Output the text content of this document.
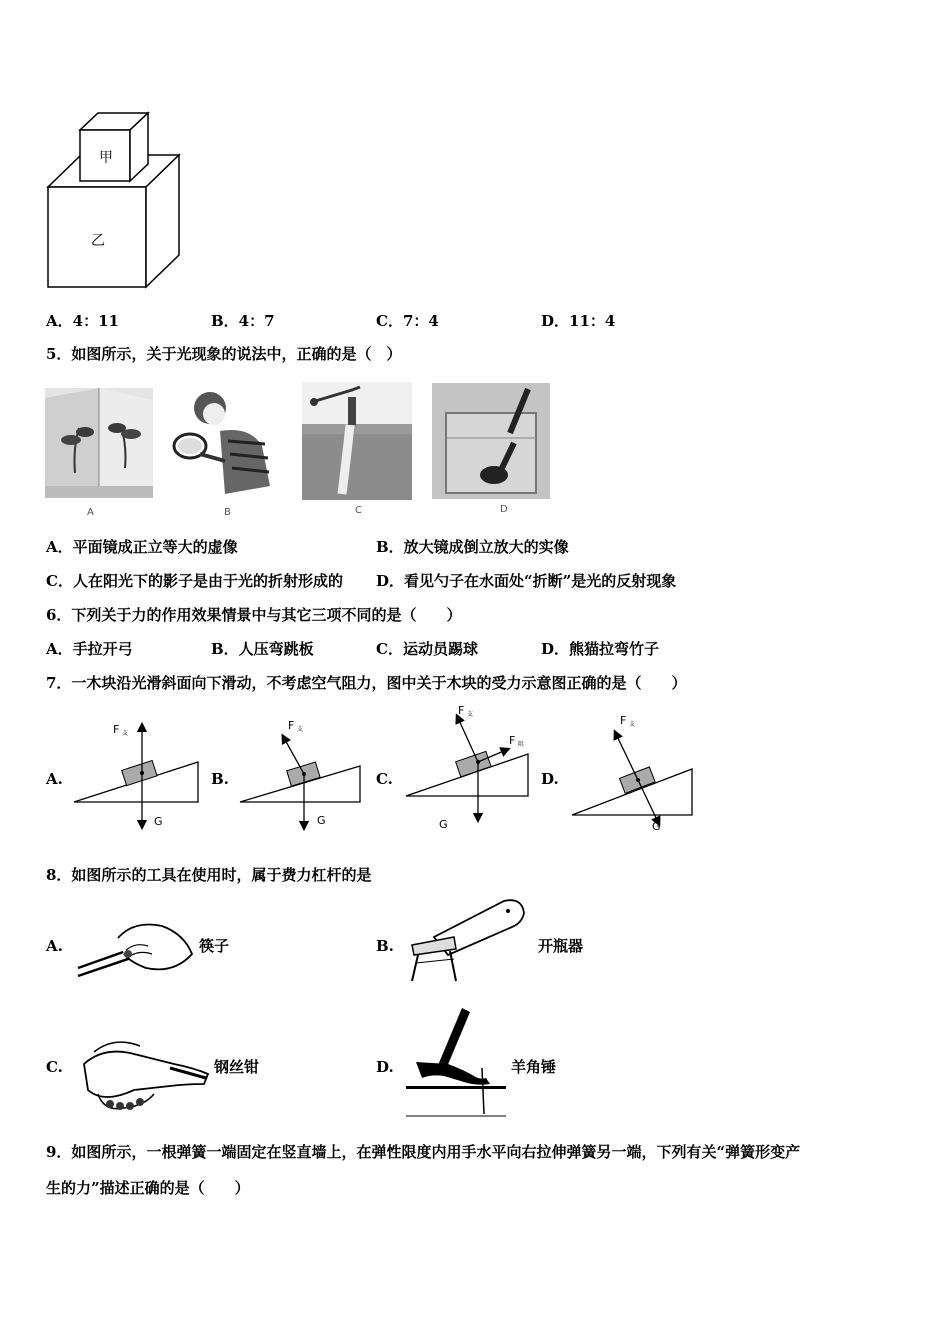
甲
乙
A．4：11	B．4：7	C．7：4	D．11：4
5．如图所示，关于光现象的说法中，正确的是（　）
A	B	C	D
A．平面镜成正立等大的虚像	B．放大镜成倒立放大的实像
C．人在阳光下的影子是由于光的折射形成的 D．看见勺子在水面处“折断”是光的反射现象
6．下列关于力的作用效果情景中与其它三项不同的是（　　）
A．手拉开弓	B．人压弯跳板	C．运动员踢球	D．熊猫拉弯竹子
7．一木块沿光滑斜面向下滑动，不考虑空气阻力，图中关于木块的受力示意图正确的是（　　）
A.
F 支
G
B.
F 支
G
C.
F 支
F 阻
G
D.
F 支
G
8．如图所示的工具在使用时，属于费力杠杆的是
A.	筷子	B.	开瓶器
C.	钢丝钳	D.	羊角锤
9．如图所示，一根弹簧一端固定在竖直墙上，在弹性限度内用手水平向右拉伸弹簧另一端，下列有关“弹簧形变产
生的力”描述正确的是（　　）
